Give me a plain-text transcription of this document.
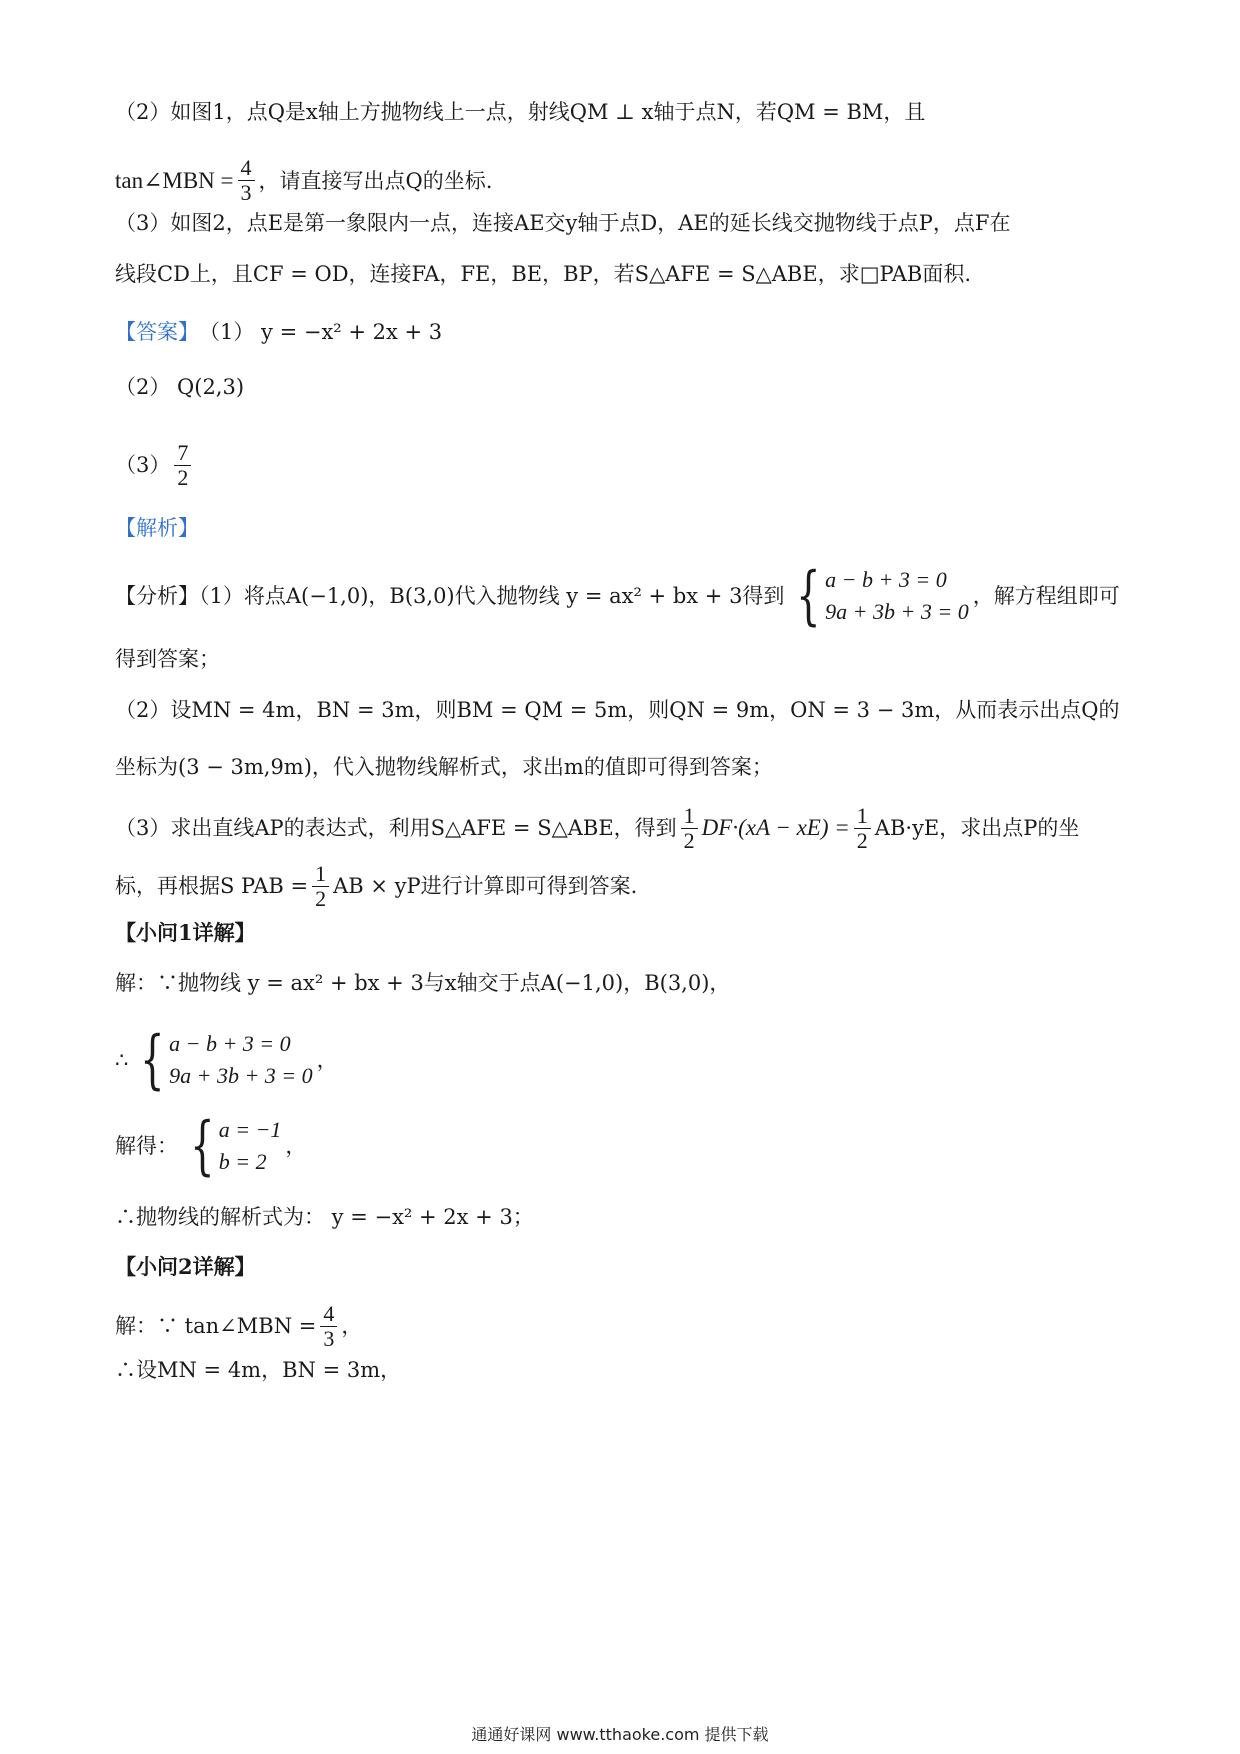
（2）如图1，点Q是x轴上方抛物线上一点，射线QM ⊥ x轴于点N，若QM = BM，且
tan∠MBN = $\frac{4}{3}$ ，请直接写出点Q的坐标.
（3）如图2，点E是第一象限内一点，连接AE交y轴于点D，AE的延长线交抛物线于点P，点F在
线段CD上，且CF = OD，连接FA，FE，BE，BP，若S△AFE = S△ABE，求□PAB面积.
【答案】 （1） y = −x² + 2x + 3
（2） Q(2,3)
$(3) \frac{7}{2}$
【解析】
【分析】（1）将点A(−1,0)，B(3,0)代入抛物线 y = ax² + bx + 3得到 { a − b + 3 = 0
9a + 3b + 3 = 0
，解方程组即可
得到答案；
（2）设MN = 4m，BN = 3m，则BM = QM = 5m，则QN = 9m，ON = 3 − 3m，从而表示出点Q的
坐标为(3 − 3m,9m)，代入抛物线解析式，求出m的值即可得到答案；
（3）求出直线AP的表达式，利用S△AFE = S△ABE，得到 $\frac{1}{2} DF\cdot(xA - xE) = \frac{1}{2} AB\cdot yE$，求出点P的坐
标，再根据S PAB = $\frac{1}{2}$ AB × yP进行计算即可得到答案.
【小问1详解】
解：∵抛物线 y = ax² + bx + 3与x轴交于点A(−1,0)，B(3,0)，
∴ { a − b + 3 = 0
9a + 3b + 3 = 0
，
解得： { a = −1
b = 2
，
∴抛物线的解析式为： y = −x² + 2x + 3；
【小问2详解】
解：∵ tan∠MBN = $\frac{4}{3}$ ，
∴设MN = 4m，BN = 3m，
通通好课网 www.tthaoke.com 提供下载
